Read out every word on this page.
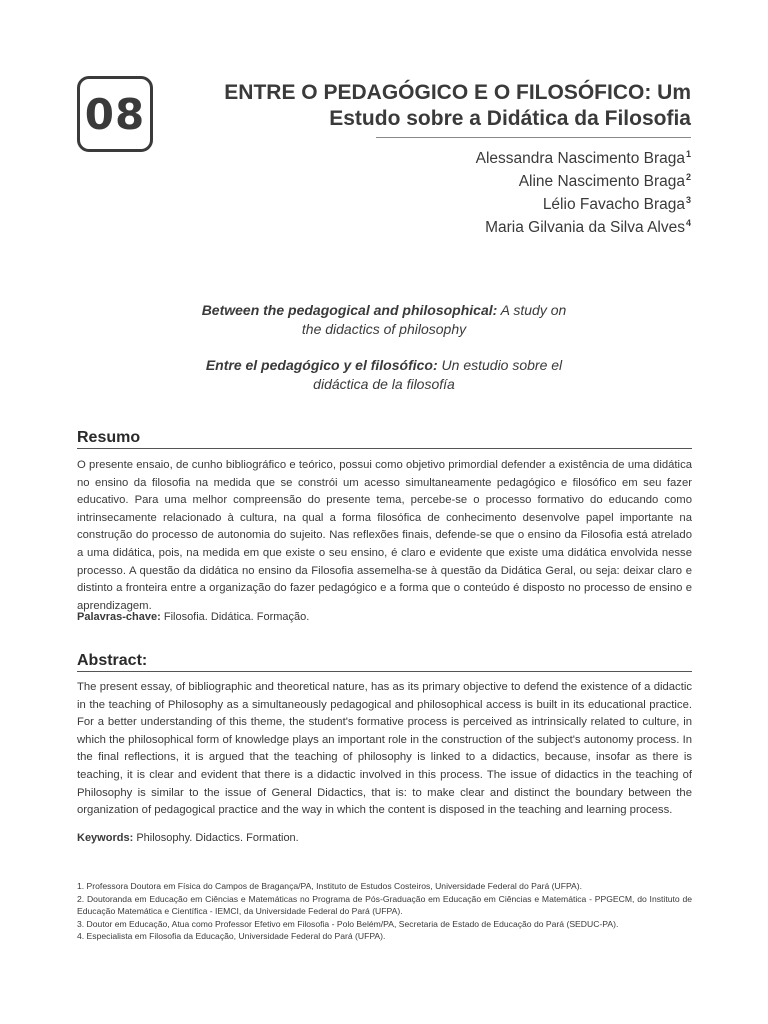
08	ENTRE O PEDAGÓGICO E O FILOSÓFICO: Um
Estudo sobre a Didática da Filosofia
Alessandra Nascimento Braga$^1$
Aline Nascimento Braga$^2$
Lélio Favacho Braga$^3$
Maria Gilvania da Silva Alves$^4$
Between the pedagogical and philosophical: A study on
the didactics of philosophy
Entre el pedagógico y el filosófico: Un estudio sobre el
didáctica de la filosofía
Resumo
O presente ensaio, de cunho bibliográfico e teórico, possui como objetivo primordial defender a existência de uma didática no ensino da filosofia na medida que se constrói um acesso simultaneamente pedagógico e filosófico em seu fazer educativo. Para uma melhor compreensão do presente tema, percebe-se o processo formativo do educando como intrinsecamente relacionado à cultura, na qual a forma filosófica de conhecimento desenvolve papel importante na construção do processo de autonomia do sujeito. Nas reflexões finais, defende-se que o ensino da Filosofia está atrelado a uma didática, pois, na medida em que existe o seu ensino, é claro e evidente que existe uma didática envolvida nesse processo. A questão da didática no ensino da Filosofia assemelha-se à questão da Didática Geral, ou seja: deixar claro e distinto a fronteira entre a organização do fazer pedagógico e a forma que o conteúdo é disposto no processo de ensino e aprendizagem.
Palavras-chave: Filosofia. Didática. Formação.
Abstract:
The present essay, of bibliographic and theoretical nature, has as its primary objective to defend the existence of a didactic in the teaching of Philosophy as a simultaneously pedagogical and philosophical access is built in its educational practice. For a better understanding of this theme, the student's formative process is perceived as intrinsically related to culture, in which the philosophical form of knowledge plays an important role in the construction of the subject's autonomy process. In the final reflections, it is argued that the teaching of philosophy is linked to a didactics, because, insofar as there is teaching, it is clear and evident that there is a didactic involved in this process. The issue of didactics in the teaching of Philosophy is similar to the issue of General Didactics, that is: to make clear and distinct the boundary between the organization of pedagogical practice and the way in which the content is disposed in the teaching and learning process.
Keywords: Philosophy. Didactics. Formation.
1. Professora Doutora em Física do Campos de Bragança/PA, Instituto de Estudos Costeiros, Universidade Federal do Pará (UFPA).
2. Doutoranda em Educação em Ciências e Matemáticas no Programa de Pós-Graduação em Educação em Ciências e Matemática - PPGECM, do Instituto de Educação Matemática e Científica - IEMCI, da Universidade Federal do Pará (UFPA).
3. Doutor em Educação, Atua como Professor Efetivo em Filosofia - Polo Belém/PA, Secretaria de Estado de Educação do Pará (SEDUC-PA).
4. Especialista em Filosofia da Educação, Universidade Federal do Pará (UFPA).
